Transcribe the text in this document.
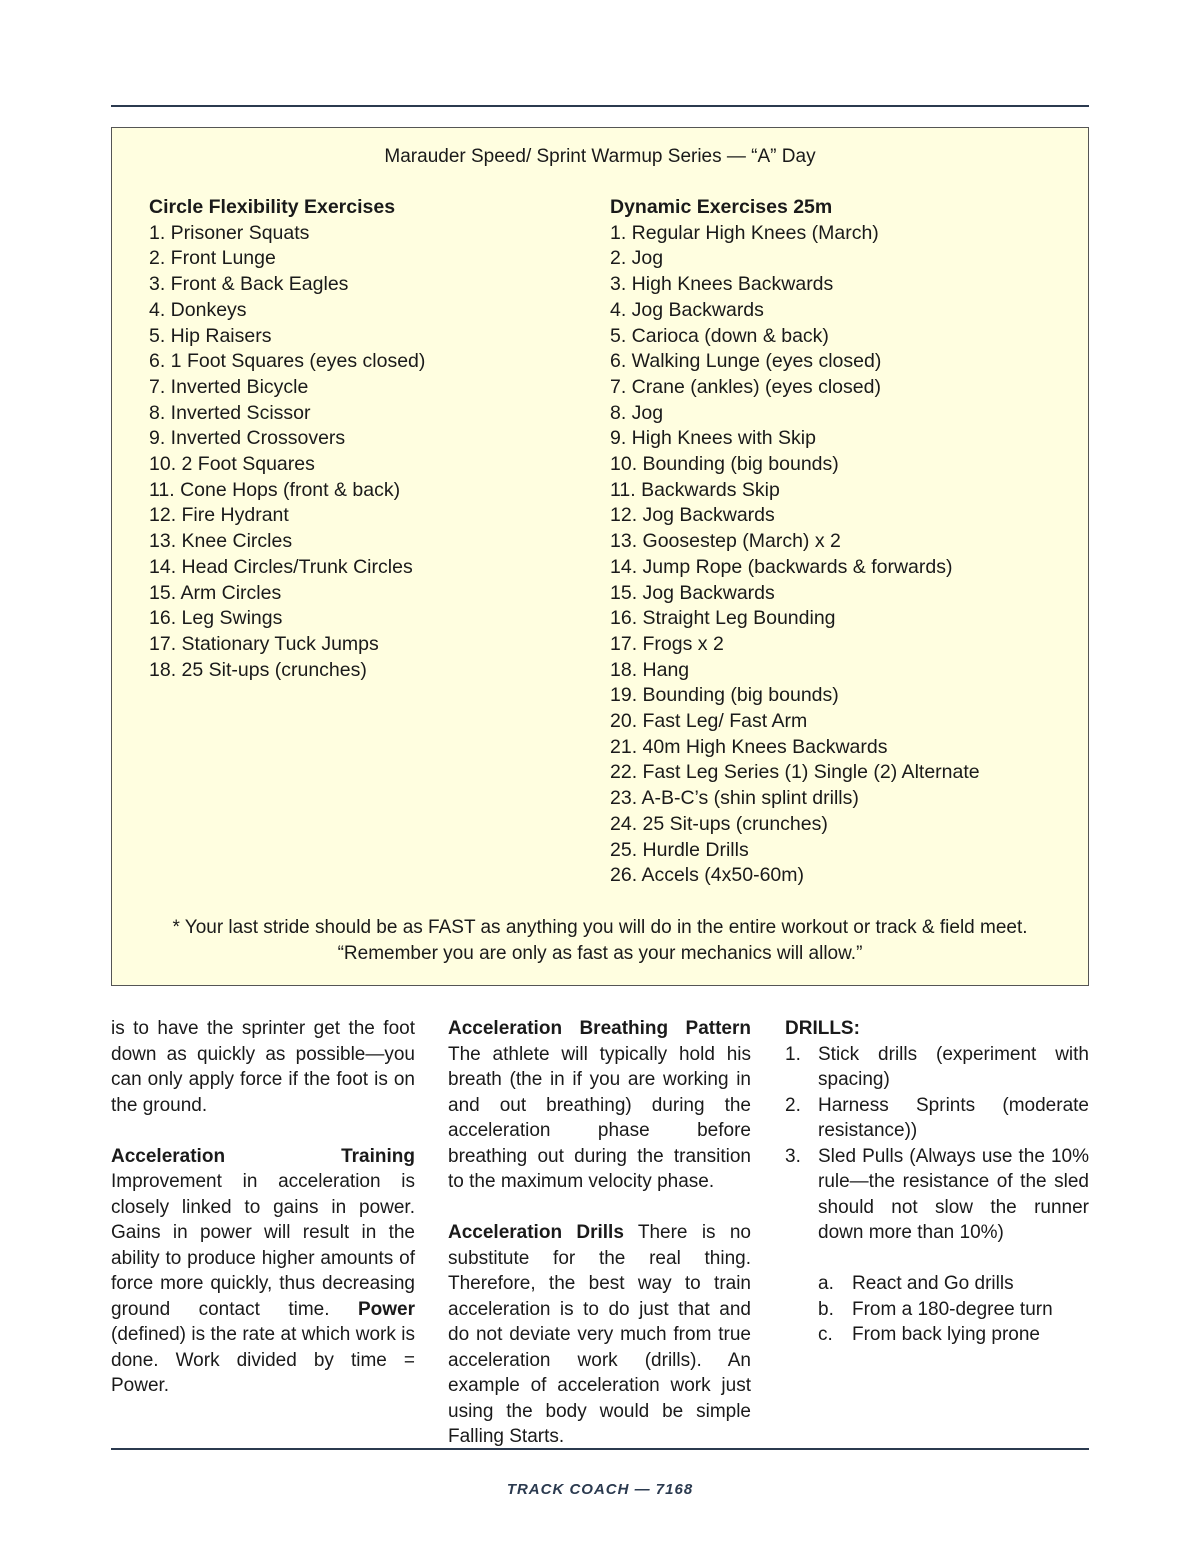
Marauder Speed/ Sprint Warmup Series — “A” Day
Circle Flexibility Exercises
1. Prisoner Squats
2. Front Lunge
3. Front & Back Eagles
4. Donkeys
5. Hip Raisers
6. 1 Foot Squares (eyes closed)
7. Inverted Bicycle
8. Inverted Scissor
9. Inverted Crossovers
10. 2 Foot Squares
11. Cone Hops (front & back)
12. Fire Hydrant
13. Knee Circles
14. Head Circles/Trunk Circles
15. Arm Circles
16. Leg Swings
17. Stationary Tuck Jumps
18. 25 Sit-ups (crunches)
Dynamic Exercises 25m
1. Regular High Knees (March)
2. Jog
3. High Knees Backwards
4. Jog Backwards
5. Carioca (down & back)
6. Walking Lunge (eyes closed)
7. Crane (ankles) (eyes closed)
8. Jog
9. High Knees with Skip
10. Bounding (big bounds)
11. Backwards Skip
12. Jog Backwards
13. Goosestep (March) x 2
14. Jump Rope (backwards & forwards)
15. Jog Backwards
16. Straight Leg Bounding
17. Frogs x 2
18. Hang
19. Bounding (big bounds)
20. Fast Leg/ Fast Arm
21. 40m High Knees Backwards
22. Fast Leg Series (1) Single (2) Alternate
23. A-B-C’s (shin splint drills)
24. 25 Sit-ups (crunches)
25. Hurdle Drills
26. Accels (4x50-60m)
* Your last stride should be as FAST as anything you will do in the entire workout or track & field meet.
“Remember you are only as fast as your mechanics will allow.”

is to have the sprinter get the foot down as quickly as possible—you can only apply force if the foot is on the ground.

Acceleration Training Improvement in acceleration is closely linked to gains in power. Gains in power will result in the ability to produce higher amounts of force more quickly, thus decreasing ground contact time. Power (defined) is the rate at which work is done. Work divided by time = Power.

Acceleration Breathing Pattern The athlete will typically hold his breath (the in if you are working in and out breathing) during the acceleration phase before breathing out during the transition to the maximum velocity phase.

Acceleration Drills There is no substitute for the real thing. Therefore, the best way to train acceleration is to do just that and do not deviate very much from true acceleration work (drills). An example of acceleration work just using the body would be simple Falling Starts.

DRILLS:

1. Stick drills (experiment with spacing)

2. Harness Sprints (moderate resistance))

3. Sled Pulls (Always use the 10% rule—the resistance of the sled should not slow the runner down more than 10%)

a. React and Go drills
b. From a 180-degree turn
c. From back lying prone
TRACK COACH — 7168
